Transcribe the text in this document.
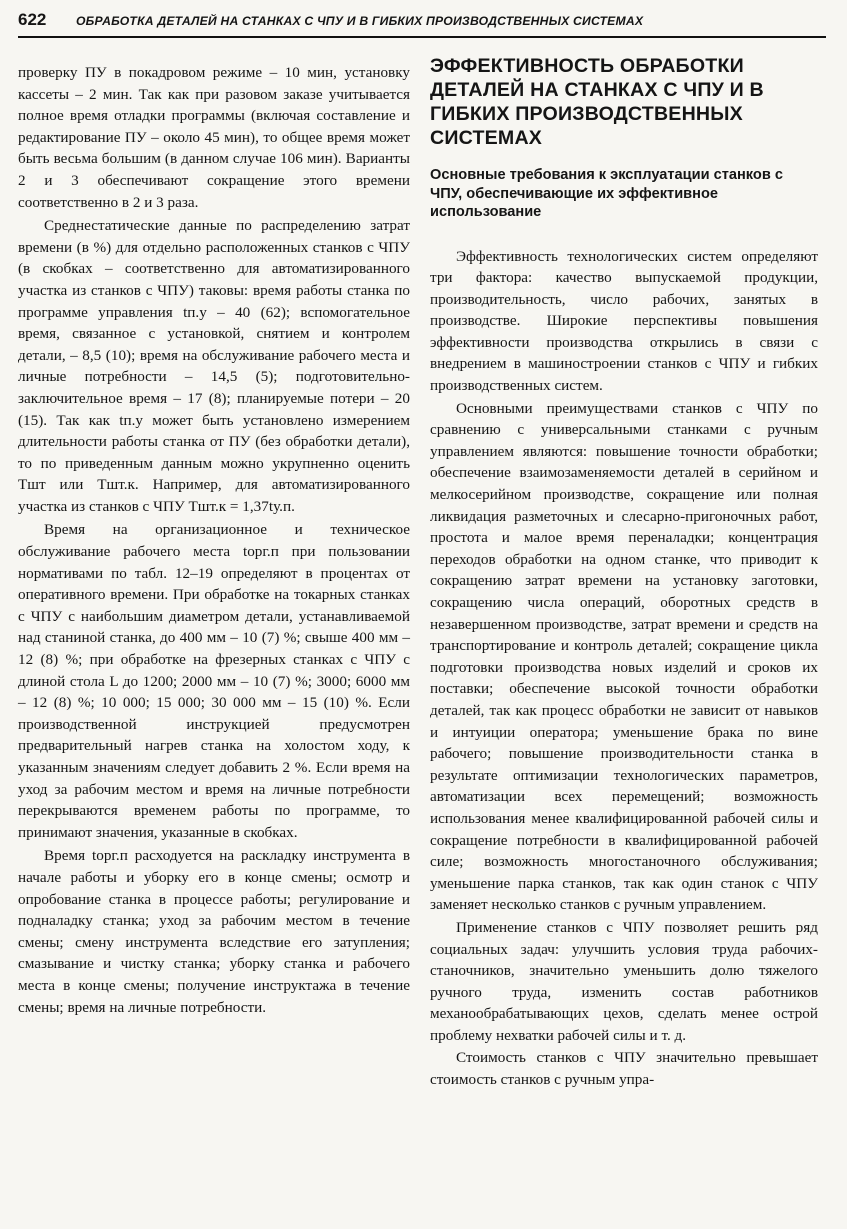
622	ОБРАБОТКА ДЕТАЛЕЙ НА СТАНКАХ С ЧПУ И В ГИБКИХ ПРОИЗВОДСТВЕННЫХ СИСТЕМАХ

проверку ПУ в покадровом режиме – 10 мин, установку кассеты – 2 мин. Так как при разовом заказе учитывается полное время отладки программы (включая составление и редактирование ПУ – около 45 мин), то общее время может быть весьма большим (в данном случае 106 мин). Варианты 2 и 3 обеспечивают сокращение этого времени соответственно в 2 и 3 раза.

Среднестатические данные по распределению затрат времени (в %) для отдельно расположенных станков с ЧПУ (в скобках – соответственно для автоматизированного участка из станков с ЧПУ) таковы: время работы станка по программе управления tп.у – 40 (62); вспомогательное время, связанное с установкой, снятием и контролем детали, – 8,5 (10); время на обслуживание рабочего места и личные потребности – 14,5 (5); подготовительно-заключительное время – 17 (8); планируемые потери – 20 (15). Так как tп.у может быть установлено измерением длительности работы станка от ПУ (без обработки детали), то по приведенным данным можно укрупненно оценить Tшт или Tшт.к. Например, для автоматизированного участка из станков с ЧПУ Tшт.к = 1,37tу.п.

Время на организационное и техническое обслуживание рабочего места tорг.п при пользовании нормативами по табл. 12–19 определяют в процентах от оперативного времени. При обработке на токарных станках с ЧПУ с наибольшим диаметром детали, устанавливаемой над станиной станка, до 400 мм – 10 (7) %; свыше 400 мм – 12 (8) %; при обработке на фрезерных станках с ЧПУ с длиной стола L до 1200; 2000 мм – 10 (7) %; 3000; 6000 мм – 12 (8) %; 10 000; 15 000; 30 000 мм – 15 (10) %. Если производственной инструкцией предусмотрен предварительный нагрев станка на холостом ходу, к указанным значениям следует добавить 2 %. Если время на уход за рабочим местом и время на личные потребности перекрываются временем работы по программе, то принимают значения, указанные в скобках.

Время tорг.п расходуется на раскладку инструмента в начале работы и уборку его в конце смены; осмотр и опробование станка в процессе работы; регулирование и подналадку станка; уход за рабочим местом в течение смены; смену инструмента вследствие его затупления; смазывание и чистку станка; уборку станка и рабочего места в конце смены; получение инструктажа в течение смены; время на личные потребности.

ЭФФЕКТИВНОСТЬ ОБРАБОТКИ ДЕТАЛЕЙ НА СТАНКАХ С ЧПУ И В ГИБКИХ ПРОИЗВОДСТВЕННЫХ СИСТЕМАХ
Основные требования к эксплуатации станков с ЧПУ, обеспечивающие их эффективное использование

Эффективность технологических систем определяют три фактора: качество выпускаемой продукции, производительность, число рабочих, занятых в производстве. Широкие перспективы повышения эффективности производства открылись в связи с внедрением в машиностроении станков с ЧПУ и гибких производственных систем.

Основными преимуществами станков с ЧПУ по сравнению с универсальными станками с ручным управлением являются: повышение точности обработки; обеспечение взаимозаменяемости деталей в серийном и мелкосерийном производстве, сокращение или полная ликвидация разметочных и слесарно-пригоночных работ, простота и малое время переналадки; концентрация переходов обработки на одном станке, что приводит к сокращению затрат времени на установку заготовки, сокращению числа операций, оборотных средств в незавершенном производстве, затрат времени и средств на транспортирование и контроль деталей; сокращение цикла подготовки производства новых изделий и сроков их поставки; обеспечение высокой точности обработки деталей, так как процесс обработки не зависит от навыков и интуиции оператора; уменьшение брака по вине рабочего; повышение производительности станка в результате оптимизации технологических параметров, автоматизации всех перемещений; возможность использования менее квалифицированной рабочей силы и сокращение потребности в квалифицированной рабочей силе; возможность многостаночного обслуживания; уменьшение парка станков, так как один станок с ЧПУ заменяет несколько станков с ручным управлением.

Применение станков с ЧПУ позволяет решить ряд социальных задач: улучшить условия труда рабочих-станочников, значительно уменьшить долю тяжелого ручного труда, изменить состав работников механообрабатывающих цехов, сделать менее острой проблему нехватки рабочей силы и т. д.

Стоимость станков с ЧПУ значительно превышает стоимость станков с ручным упра-
